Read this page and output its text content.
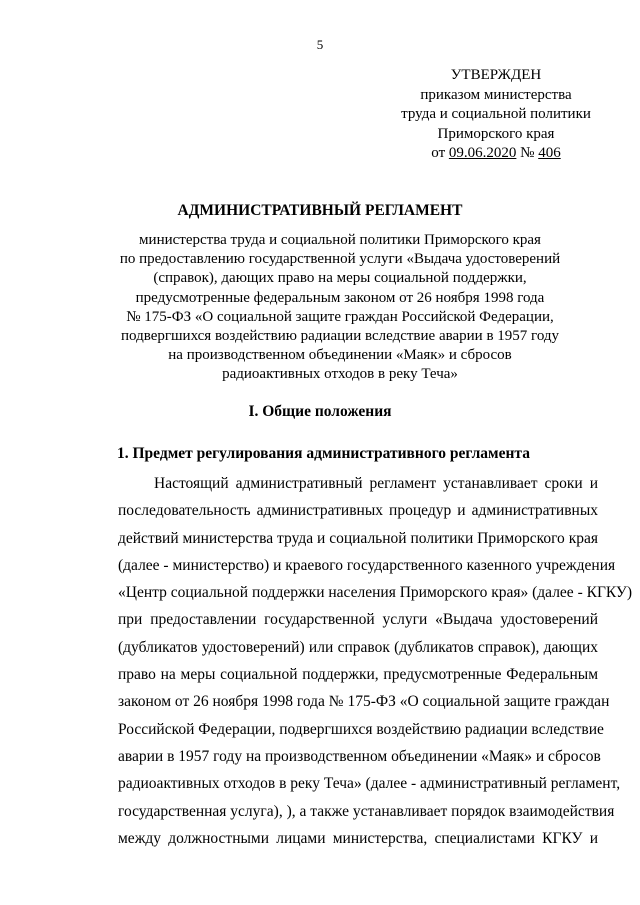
5
УТВЕРЖДЕН
приказом министерства
труда и социальной политики
Приморского края
от 09.06.2020 № 406
АДМИНИСТРАТИВНЫЙ РЕГЛАМЕНТ
министерства труда и социальной политики Приморского края
по предоставлению государственной услуги «Выдача удостоверений
(справок), дающих право на меры социальной поддержки,
предусмотренные федеральным законом от 26 ноября 1998 года
№ 175-ФЗ «О социальной защите граждан Российской Федерации,
подвергшихся воздействию радиации вследствие аварии в 1957 году
на производственном объединении «Маяк» и сбросов
радиоактивных отходов в реку Теча»
I. Общие положения
1. Предмет регулирования административного регламента
Настоящий административный регламент устанавливает сроки и
последовательность административных процедур и административных
действий министерства труда и социальной политики Приморского края
(далее - министерство) и краевого государственного казенного учреждения
«Центр социальной поддержки населения Приморского края» (далее - КГКУ)
при предоставлении государственной услуги «Выдача удостоверений
(дубликатов удостоверений) или справок (дубликатов справок), дающих
право на меры социальной поддержки, предусмотренные Федеральным
законом от 26 ноября 1998 года № 175-ФЗ «О социальной защите граждан
Российской Федерации, подвергшихся воздействию радиации вследствие
аварии в 1957 году на производственном объединении «Маяк» и сбросов
радиоактивных отходов в реку Теча» (далее - административный регламент,
государственная услуга), ), а также устанавливает порядок взаимодействия
между должностными лицами министерства, специалистами КГКУ и
